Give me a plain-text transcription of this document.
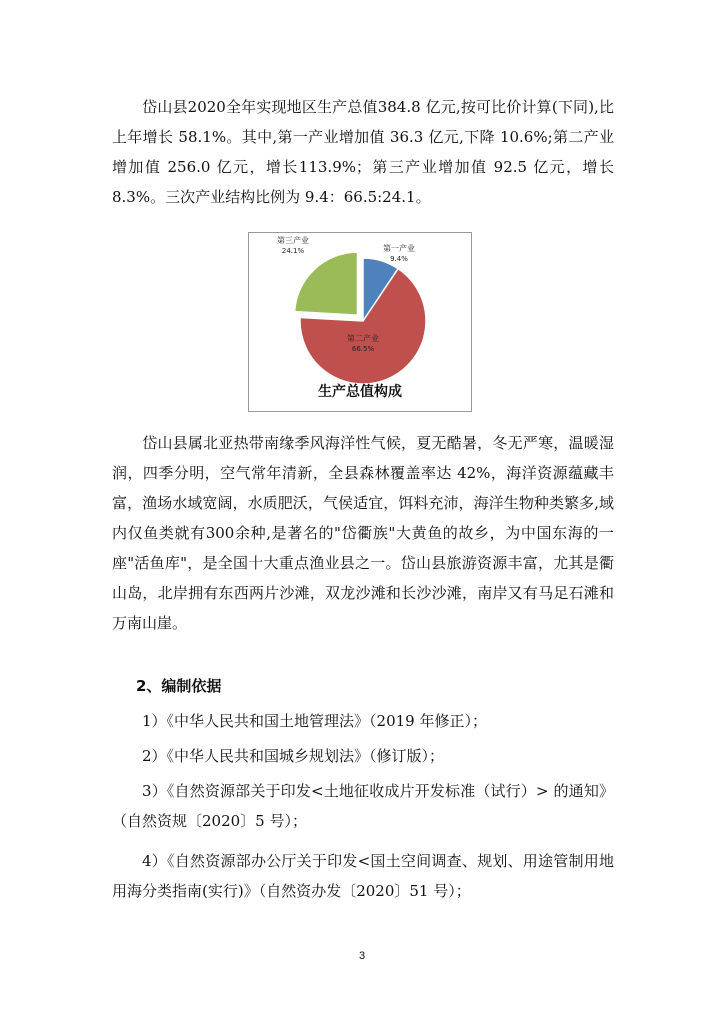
岱山县2020全年实现地区生产总值384.8 亿元,按可比价计算(下同),比上年增长 58.1%。其中,第一产业增加值 36.3 亿元,下降 10.6%;第二产业增加值 256.0 亿元，增长113.9%；第三产业增加值 92.5 亿元，增长 8.3%。三次产业结构比例为 9.4：66.5:24.1。

第一产业
9.4%
第二产业
66.5%
第三产业
24.1%
生产总值构成

岱山县属北亚热带南缘季风海洋性气候，夏无酷暑，冬无严寒，温暖湿润，四季分明，空气常年清新，全县森林覆盖率达 42%，海洋资源蕴藏丰富，渔场水域宽阔，水质肥沃，气侯适宜，饵料充沛，海洋生物种类繁多,域内仅鱼类就有300余种,是著名的"岱衢族"大黄鱼的故乡，为中国东海的一座"活鱼库"，是全国十大重点渔业县之一。岱山县旅游资源丰富，尤其是衢山岛，北岸拥有东西两片沙滩，双龙沙滩和长沙沙滩，南岸又有马足石滩和万南山崖。

2、编制依据

1）《中华人民共和国土地管理法》（2019 年修正）；

2）《中华人民共和国城乡规划法》（修订版）；

3）《自然资源部关于印发<土地征收成片开发标准（试行）> 的通知》（自然资规〔2020〕5 号）；

4）《自然资源部办公厅关于印发<国土空间调查、规划、用途管制用地用海分类指南(实行)》（自然资办发〔2020〕51 号）；

3
